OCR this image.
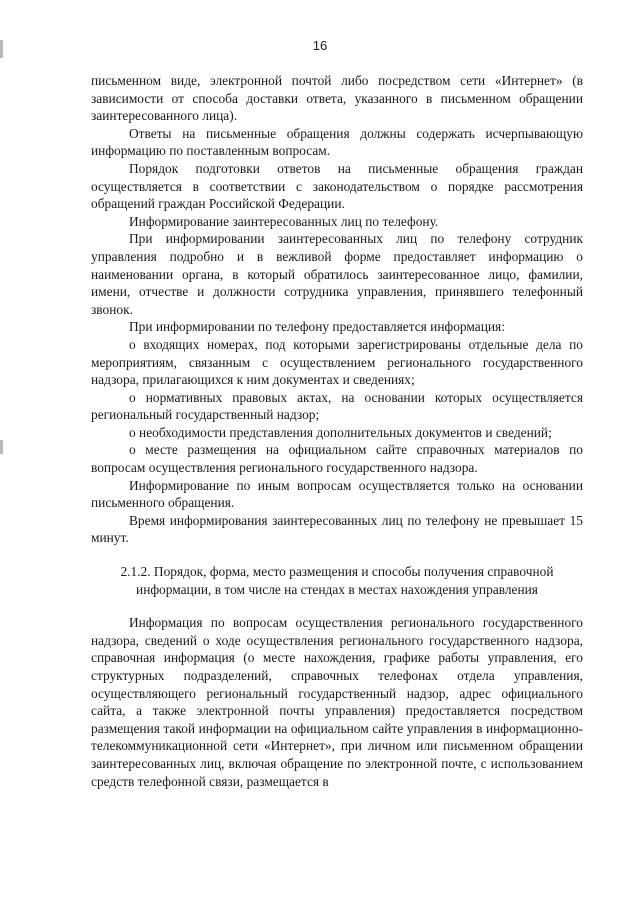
16

письменном виде, электронной почтой либо посредством сети «Интернет» (в зависимости от способа доставки ответа, указанного в письменном обращении заинтересованного лица).

Ответы на письменные обращения должны содержать исчерпывающую информацию по поставленным вопросам.

Порядок подготовки ответов на письменные обращения граждан осуществляется в соответствии с законодательством о порядке рассмотрения обращений граждан Российской Федерации.

Информирование заинтересованных лиц по телефону.

При информировании заинтересованных лиц по телефону сотрудник управления подробно и в вежливой форме предоставляет информацию о наименовании органа, в который обратилось заинтересованное лицо, фамилии, имени, отчестве и должности сотрудника управления, принявшего телефонный звонок.

При информировании по телефону предоставляется информация:

о входящих номерах, под которыми зарегистрированы отдельные дела по мероприятиям, связанным с осуществлением регионального государственного надзора, прилагающихся к ним документах и сведениях;

о нормативных правовых актах, на основании которых осуществляется региональный государственный надзор;

о необходимости представления дополнительных документов и сведений;

о месте размещения на официальном сайте справочных материалов по вопросам осуществления регионального государственного надзора.

Информирование по иным вопросам осуществляется только на основании письменного обращения.

Время информирования заинтересованных лиц по телефону не превышает 15 минут.

2.1.2. Порядок, форма, место размещения и способы получения справочной информации, в том числе на стендах в местах нахождения управления

Информация по вопросам осуществления регионального государственного надзора, сведений о ходе осуществления регионального государственного надзора, справочная информация (о месте нахождения, графике работы управления, его структурных подразделений, справочных телефонах отдела управления, осуществляющего региональный государственный надзор, адрес официального сайта, а также электронной почты управления) предоставляется посредством размещения такой информации на официальном сайте управления в информационно-телекоммуникационной сети «Интернет», при личном или письменном обращении заинтересованных лиц, включая обращение по электронной почте, с использованием средств телефонной связи, размещается в
